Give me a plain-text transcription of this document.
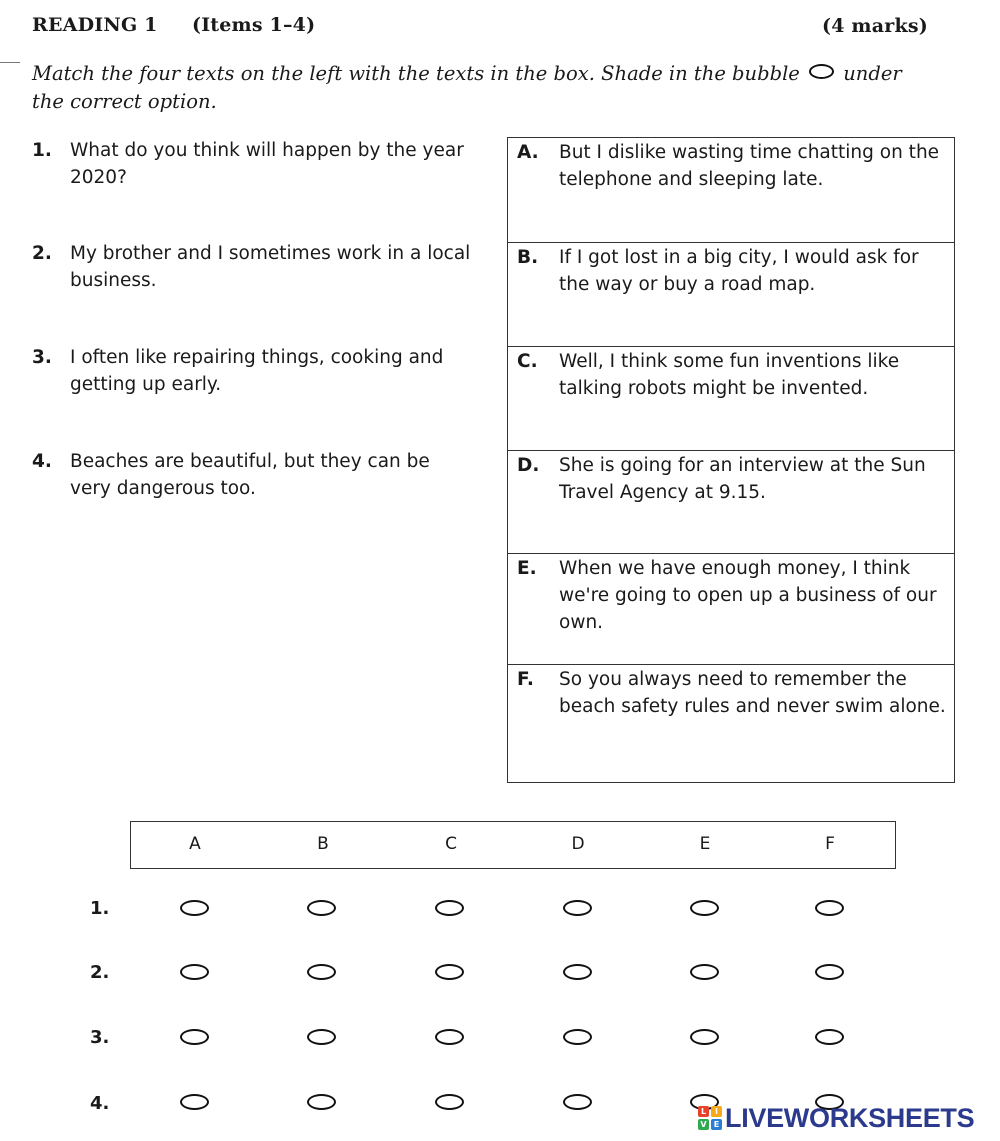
READING 1 (Items 1–4)	(4 marks)
Match the four texts on the left with the texts in the box. Shade in the bubble under the correct option.
1. What do you think will happen by the year 2020?
2. My brother and I sometimes work in a local business.
3. I often like repairing things, cooking and getting up early.
4. Beaches are beautiful, but they can be very dangerous too.
A. But I dislike wasting time chatting on the telephone and sleeping late.
B. If I got lost in a big city, I would ask for the way or buy a road map.
C. Well, I think some fun inventions like talking robots might be invented.
D. She is going for an interview at the Sun Travel Agency at 9.15.
E. When we have enough money, I think we're going to open up a business of our own.
F. So you always need to remember the beach safety rules and never swim alone.
A	B	C	D	E	F
1.
2.
3.
4.	L	I
V E LIVEWORKSHEETS
